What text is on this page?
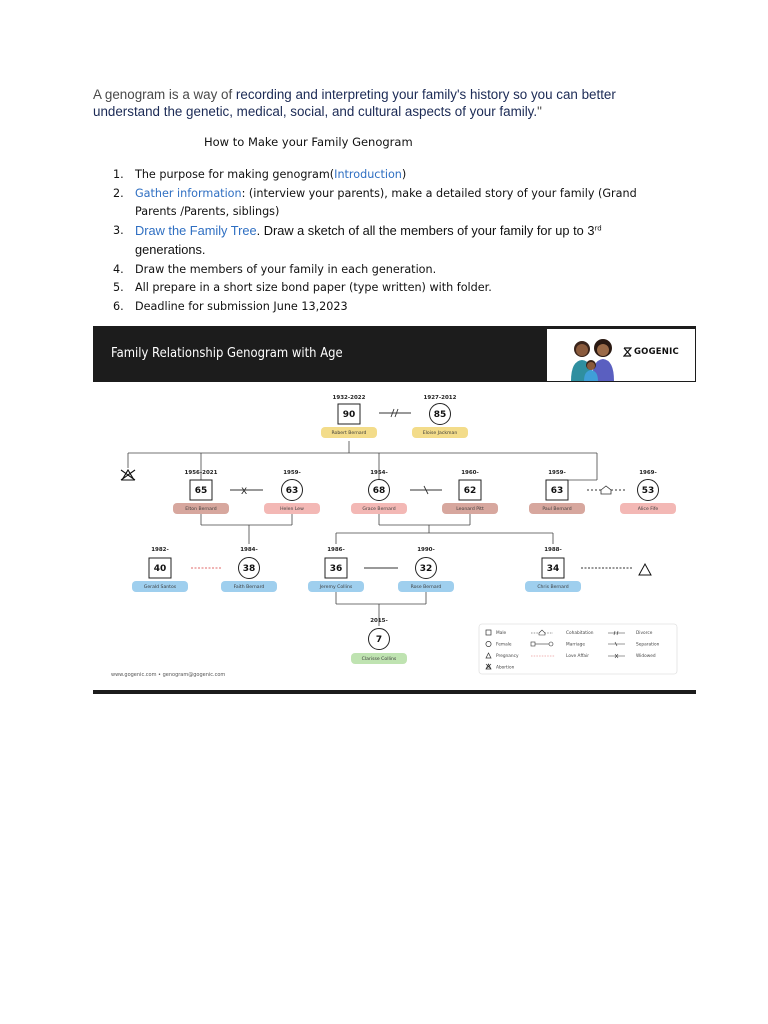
A genogram is a way of recording and interpreting your family's history so you can better understand the genetic, medical, social, and cultural aspects of your family."
How to Make your Family Genogram
1. The purpose for making genogram(Introduction)
2. Gather information: (interview your parents), make a detailed story of your family (Grand Parents /Parents, siblings)
3. Draw the Family Tree. Draw a sketch of all the members of your family for up to 3rd generations.
4. Draw the members of your family in each generation.
5. All prepare in a short size bond paper (type written) with folder.
6. Deadline for submission June 13,2023
Family Relationship Genogram with Age	GOGENIC
X
1932-2022
90
Robert Bernard
1927-2012
85
Eloise Jackman
1956-2021
65
Elton Bernard
1959-
63
Helen Lew
1954-
68
Grace Bernard
1960-
62
Leonard Pitt
1959-
63
Paul Bernard
1969-
53
Alice Fife
1982-
40
Gerald Santos
1984-
38
Faith Bernard
1986-
36
Jeremy Collins
1990-
32
Rose Bernard
1988-
34
Chris Bernard
2015-
7
Clarisse Collins
Male
Female
Pregnancy
Abortion
Cohabitation
Marriage
Love Affair
Divorce
Separation
Widowed
www.gogenic.com • genogram@gogenic.com
